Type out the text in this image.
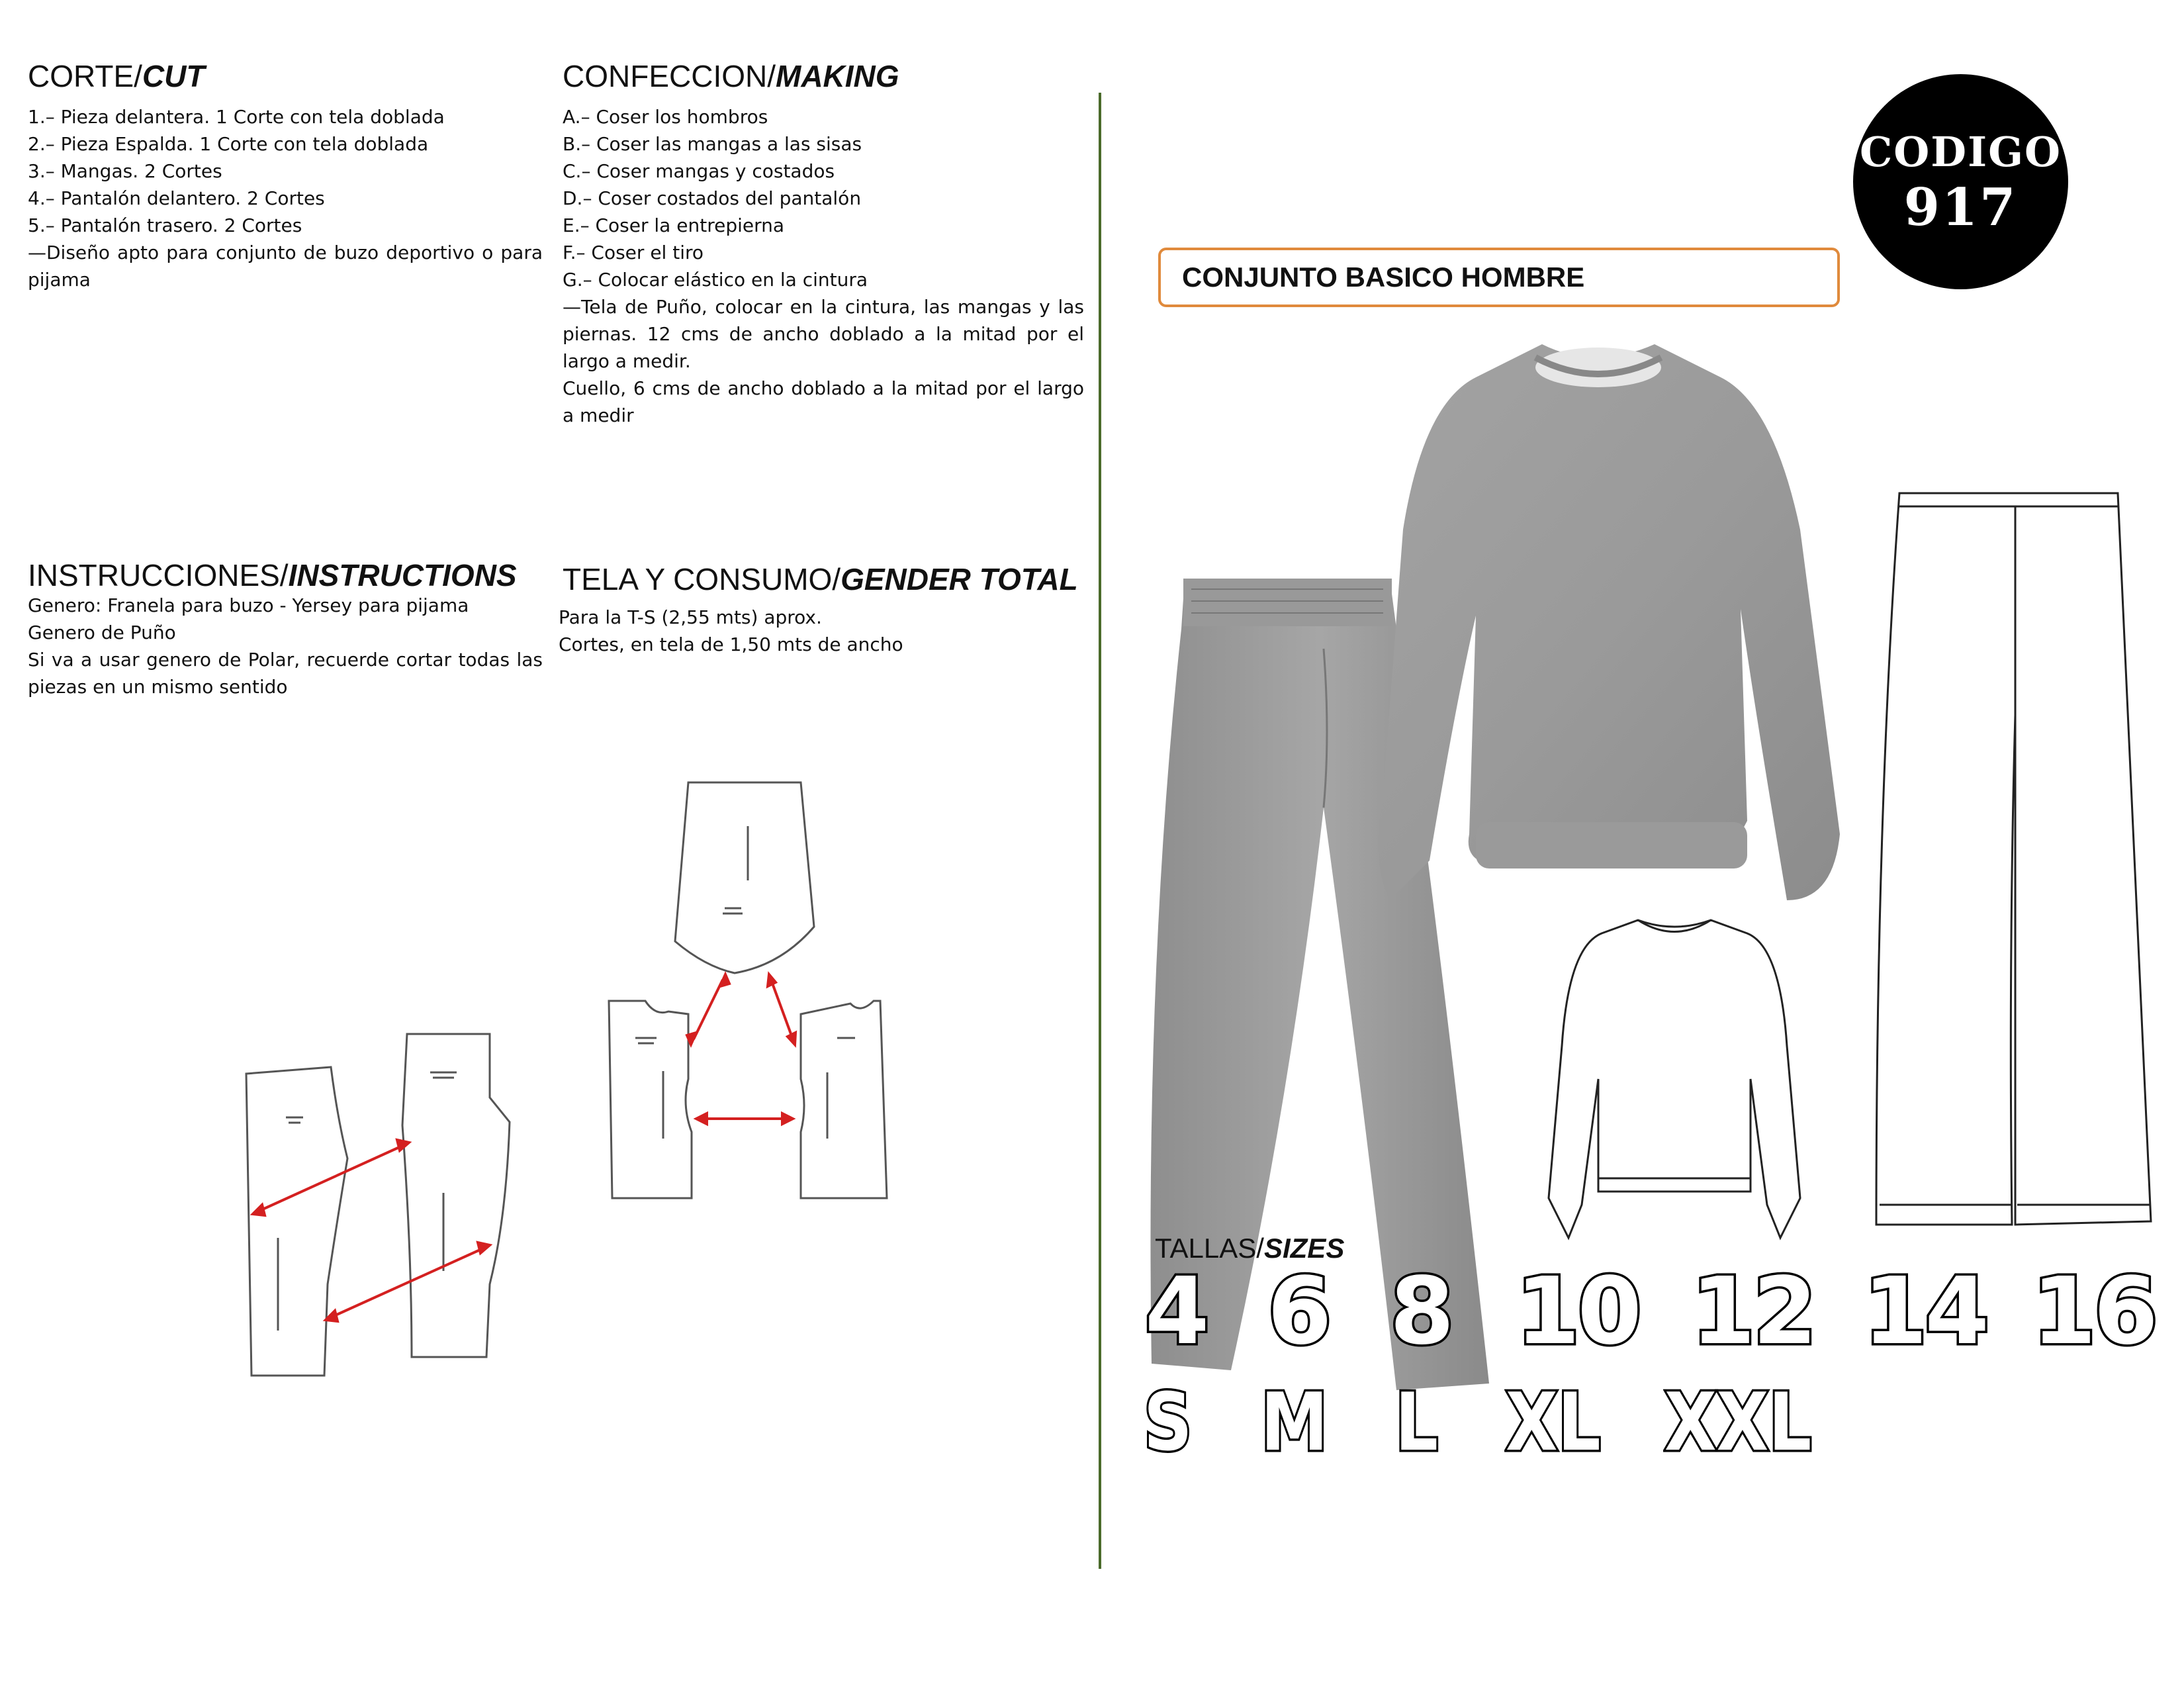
CORTE/CUT
1.– Pieza delantera. 1 Corte con tela doblada
2.– Pieza Espalda. 1 Corte con tela doblada
3.– Mangas. 2 Cortes
4.– Pantalón delantero. 2 Cortes
5.– Pantalón trasero. 2 Cortes
—Diseño apto para conjunto de buzo deportivo o para pijama
CONFECCION/MAKING
A.– Coser los hombros
B.– Coser las mangas a las sisas
C.– Coser mangas y costados
D.– Coser costados del pantalón
E.– Coser la entrepierna
F.– Coser el tiro
G.– Colocar elástico en la cintura
—Tela de Puño, colocar en la cintura, las mangas y las piernas. 12 cms de ancho doblado a la mitad por el largo a medir.
Cuello, 6 cms de ancho doblado a la mitad por el largo a medir
INSTRUCCIONES/INSTRUCTIONS
Genero: Franela para buzo - Yersey para pijama
Genero de Puño
Si va a usar genero de Polar, recuerde cortar todas las piezas en un mismo sentido
TELA Y CONSUMO/GENDER TOTAL
Para la T-S (2,55 mts) aprox.
Cortes, en tela de 1,50 mts de ancho
CODIGO
917
CONJUNTO BASICO HOMBRE
TALLAS/SIZES
4 6 8 10 12 14 16
S M L XL XXL
